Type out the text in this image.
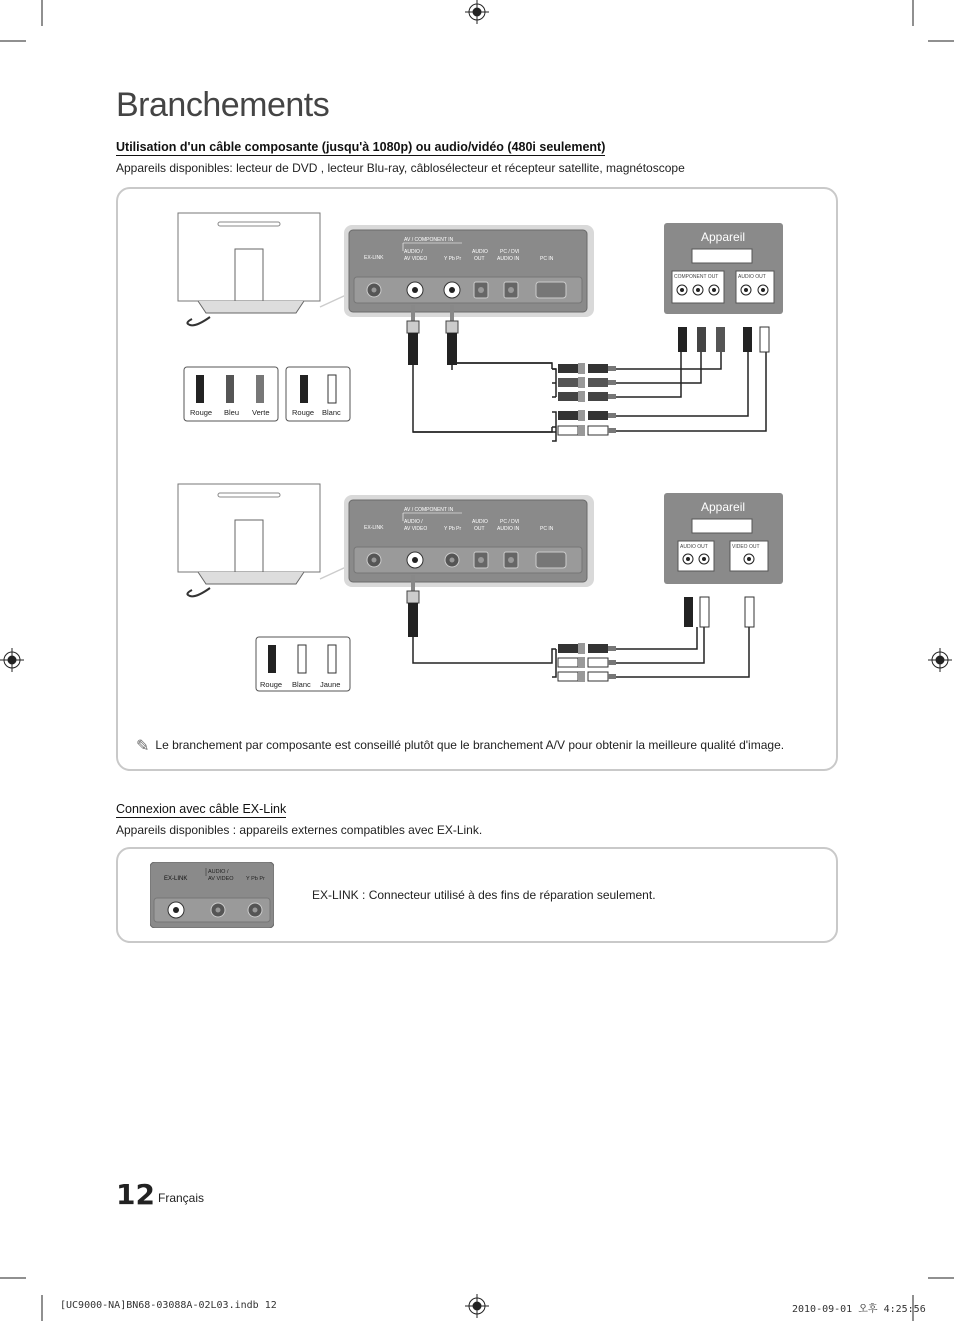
Branchements
Utilisation d'un câble composante (jusqu'à 1080p) ou audio/vidéo (480i seulement)
Appareils disponibles: lecteur de DVD , lecteur Blu-ray, câblosélecteur et récepteur satellite, magnétoscope
AV / COMPONENT IN
EX-LINK
AUDIO /
AV VIDEO	Y Pb Pr
AUDIO
OUT
PC / DVI
AUDIO IN	PC IN
Appareil
COMPONENT OUT	AUDIO OUT
Rouge Bleu Verte	Rouge Blanc
AV / COMPONENT IN
EX-LINK
AUDIO /
AV VIDEO	Y Pb Pr
AUDIO
OUT
PC / DVI
AUDIO IN	PC IN
Appareil
AUDIO OUT	VIDEO OUT
Rouge Blanc Jaune
✎ Le branchement par composante est conseillé plutôt que le branchement A/V pour obtenir la meilleure qualité d'image.
Connexion avec câble EX-Link
Appareils disponibles : appareils externes compatibles avec EX-Link.
EX-LINK
AUDIO /
AV VIDEO Y Pb Pr
EX-LINK : Connecteur utilisé à des fins de réparation seulement.
12 Français
[UC9000-NA]BN68-03088A-02L03.indb 12	2010-09-01 오후 4:25:56
